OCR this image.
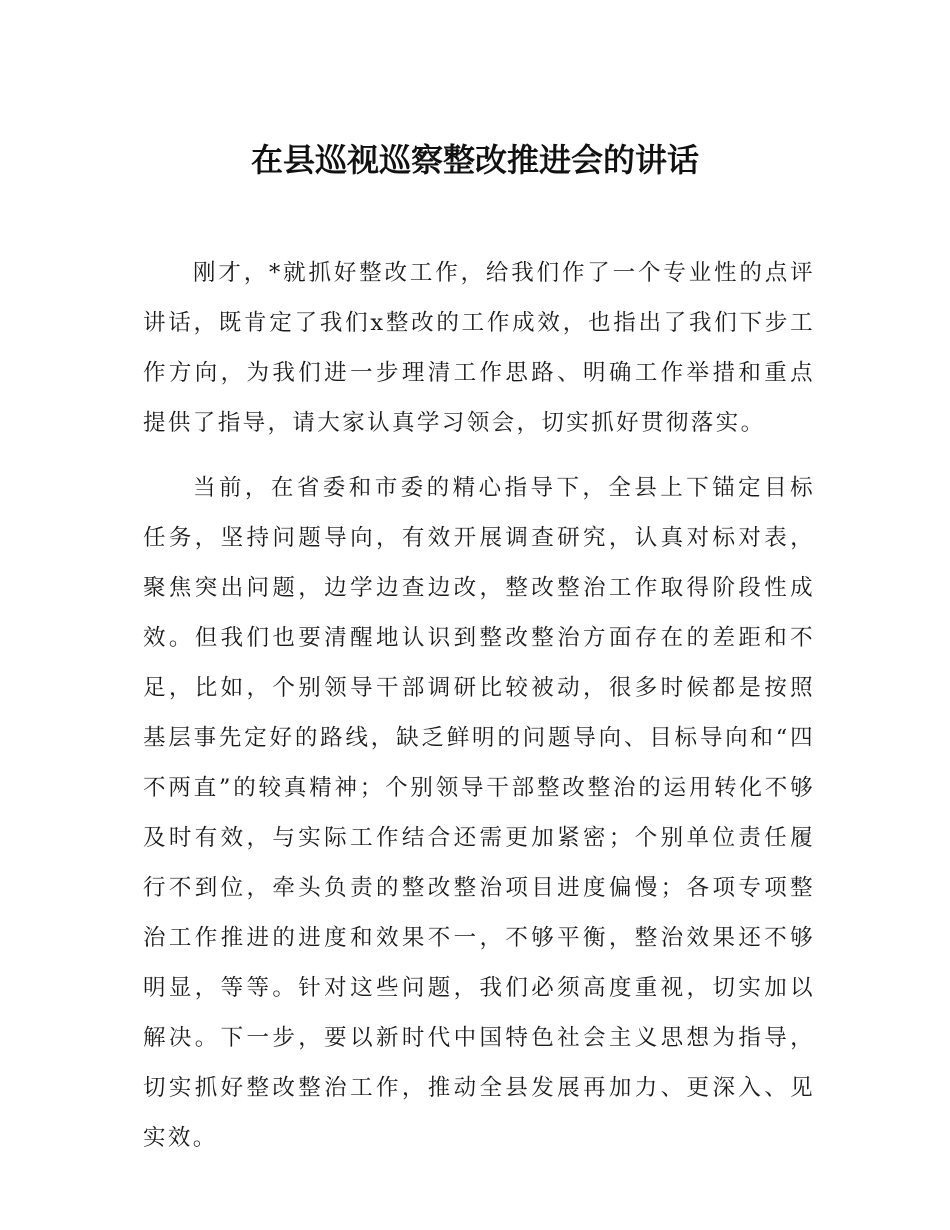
在县巡视巡察整改推进会的讲话

刚才，*就抓好整改工作，给我们作了一个专业性的点评讲话，既肯定了我们x整改的工作成效，也指出了我们下步工作方向，为我们进一步理清工作思路、明确工作举措和重点提供了指导，请大家认真学习领会，切实抓好贯彻落实。

当前，在省委和市委的精心指导下，全县上下锚定目标任务，坚持问题导向，有效开展调查研究，认真对标对表，聚焦突出问题，边学边查边改，整改整治工作取得阶段性成效。但我们也要清醒地认识到整改整治方面存在的差距和不足，比如，个别领导干部调研比较被动，很多时候都是按照基层事先定好的路线，缺乏鲜明的问题导向、目标导向和“四不两直”的较真精神；个别领导干部整改整治的运用转化不够及时有效，与实际工作结合还需更加紧密；个别单位责任履行不到位，牵头负责的整改整治项目进度偏慢；各项专项整治工作推进的进度和效果不一，不够平衡，整治效果还不够明显，等等。针对这些问题，我们必须高度重视，切实加以解决。下一步，要以新时代中国特色社会主义思想为指导，切实抓好整改整治工作，推动全县发展再加力、更深入、见实效。
